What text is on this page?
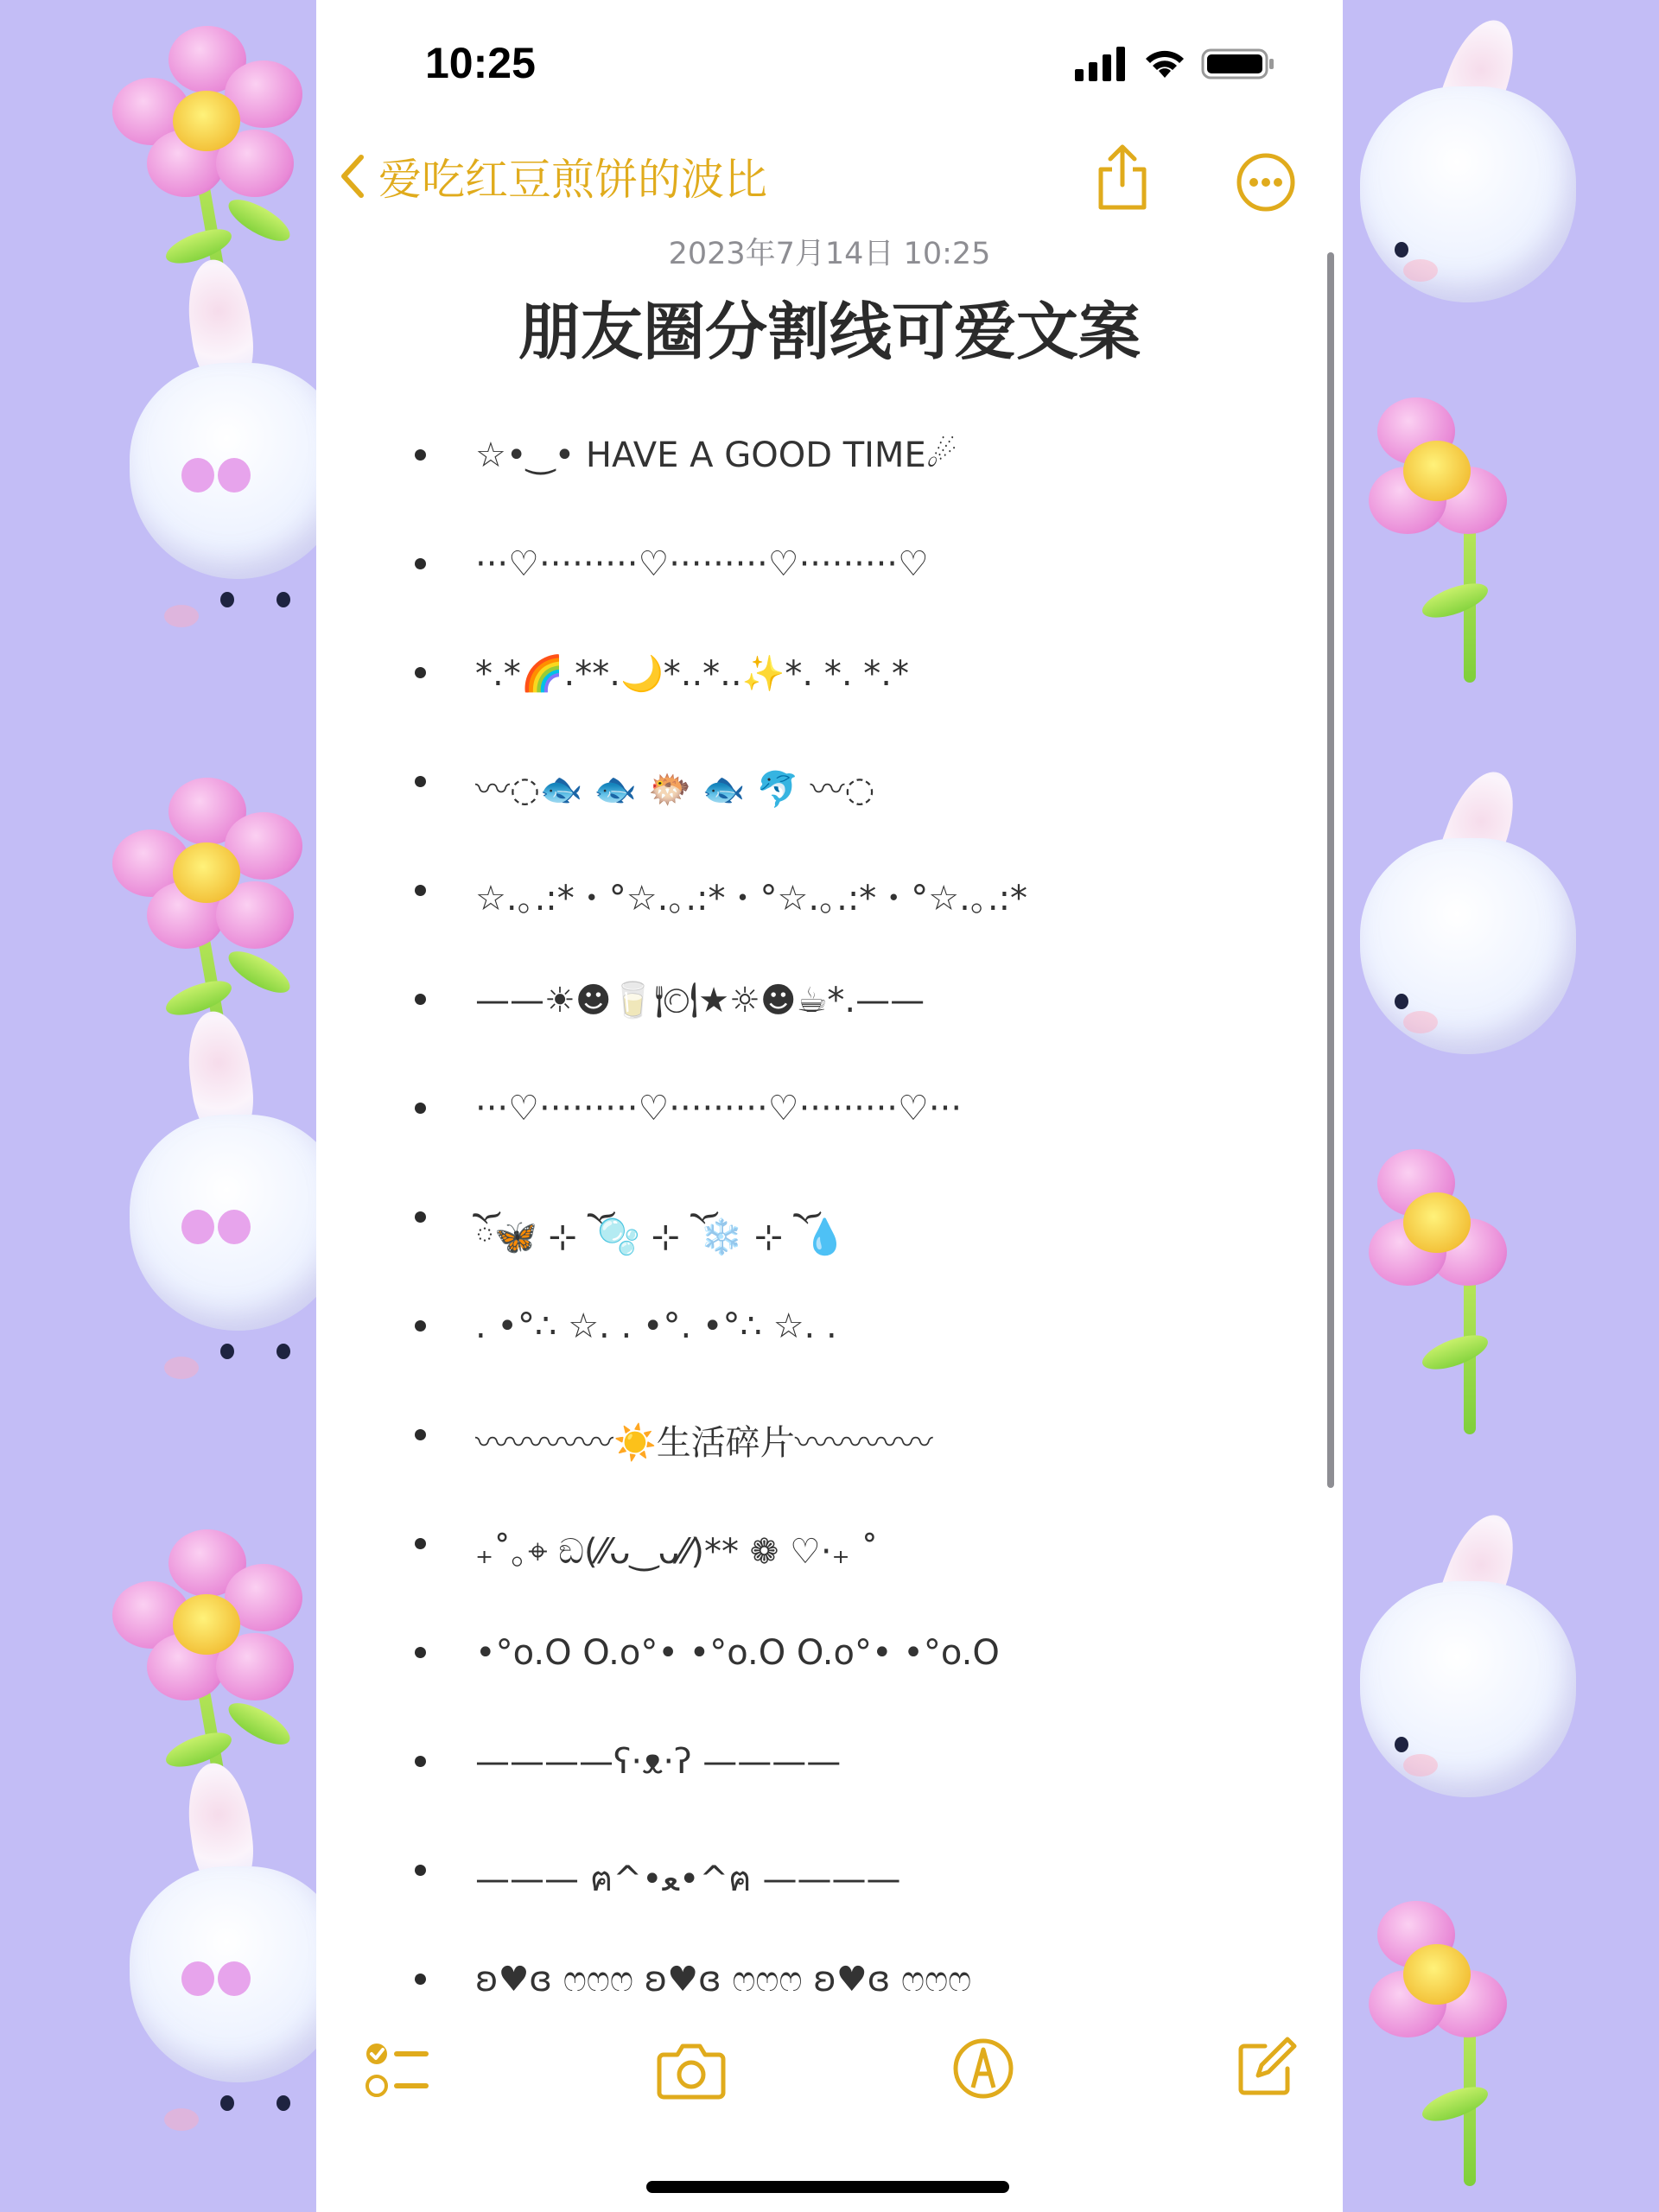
10:25
爱吃红豆煎饼的波比
2023年7月14日 10:25
朋友圈分割线可爱文案
☆•‿• HAVE A GOOD TIME☄
···♡·········♡·········♡·········♡
*.*🌈.**.🌙*..*..✨*. *. *.*
〰◌🐟 🐟 🐡 🐟 🐬 〰◌
☆.｡.:*・°☆.｡.:*・°☆.｡.:*・°☆.｡.:*
——☀☻🥛🍽★☼☻☕*.——
···♡·········♡·········♡·········♡···
ོ🦋 ⊹ ོ 🫧 ⊹ ོ ❄️ ⊹ ོ 💧
. •°∴ ☆. . •°. •°∴ ☆. .
〰〰〰〰☀️生活碎片〰〰〰〰
₊˚｡⌖ ඞ(⁄⁄ᴗ‿ᴗ⁄⁄)** ❁ ♡·₊ ˚
•°o.O O.o°• •°o.O O.o°• •°o.O
————ʕ·ᴥ·ʔ ————
——— ฅ^•ﻌ•^ฅ ————
ʚ♥ɞ ෆෆෆ ʚ♥ɞ ෆෆෆ ʚ♥ɞ ෆෆෆ
